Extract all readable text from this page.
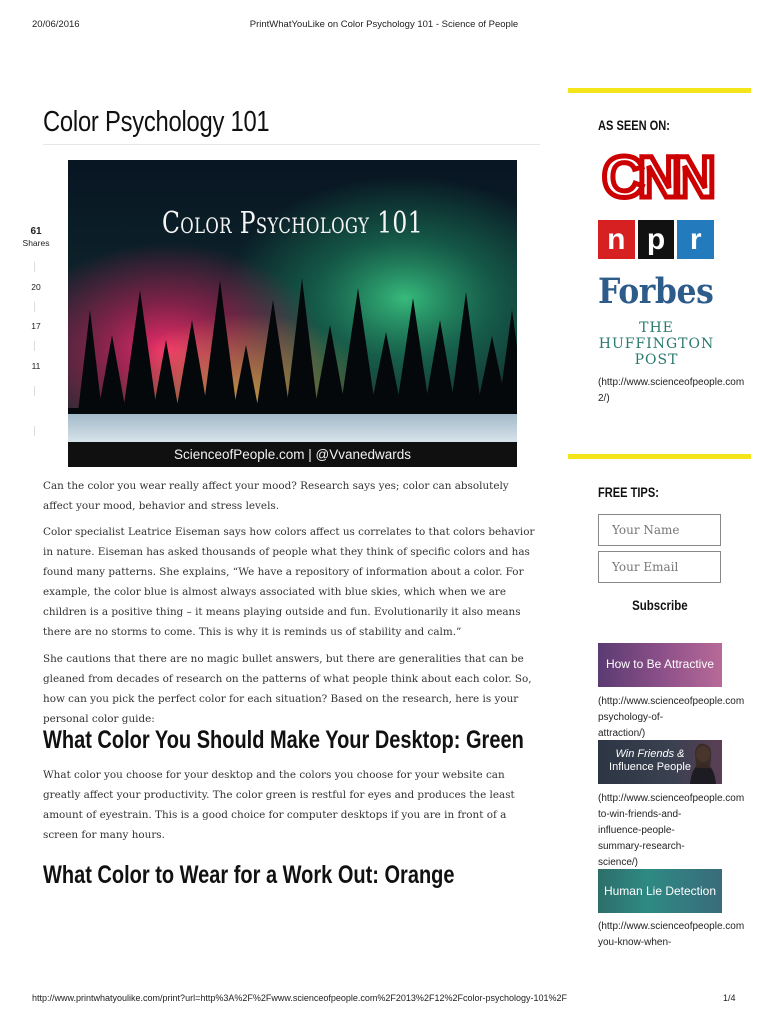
20/06/2016	PrintWhatYouLike on Color Psychology 101 - Science of People
Color Psychology 101
61
Shares
20
17
11
Color Psychology 101
ScienceofPeople.com | @Vvanedwards

Can the color you wear really affect your mood? Research says yes; color can absolutely affect your mood, behavior and stress levels.

Color specialist Leatrice Eiseman says how colors affect us correlates to that colors behavior in nature. Eiseman has asked thousands of people what they think of specific colors and has found many patterns. She explains, “We have a repository of information about a color. For example, the color blue is almost always associated with blue skies, which when we are children is a positive thing – it means playing outside and fun. Evolutionarily it also means there are no storms to come. This is why it is reminds us of stability and calm.”

She cautions that there are no magic bullet answers, but there are generalities that can be gleaned from decades of research on the patterns of what people think about each color. So, how can you pick the perfect color for each situation? Based on the research, here is your personal color guide:

What Color You Should Make Your Desktop: Green

What color you choose for your desktop and the colors you choose for your website can greatly affect your productivity. The color green is restful for eyes and produces the least amount of eyestrain. This is a good choice for computer desktops if you are in front of a screen for many hours.

What Color to Wear for a Work Out: Orange
AS SEEN ON:
CNN
n p r
Forbes
THE
HUFFINGTON
POST
(http://www.scienceofpeople.com
2/)
FREE TIPS:
Your Name
Your Email
Subscribe
How to Be Attractive
(http://www.scienceofpeople.com
psychology-of-
attraction/)
Win Friends &
Influence People
(http://www.scienceofpeople.com
to-win-friends-and-
influence-people-
summary-research-
science/)
Human Lie Detection
(http://www.scienceofpeople.com
you-know-when-
http://www.printwhatyoulike.com/print?url=http%3A%2F%2Fwww.scienceofpeople.com%2F2013%2F12%2Fcolor-psychology-101%2F	1/4
